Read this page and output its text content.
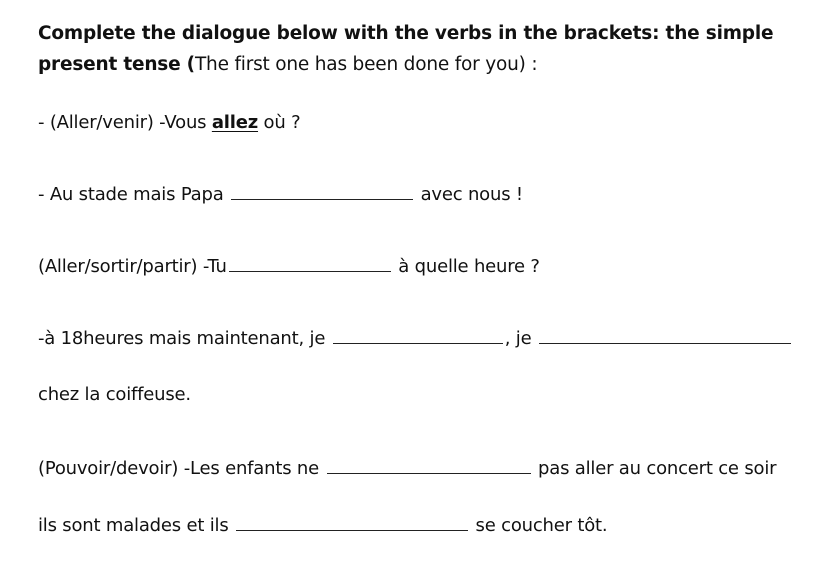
Complete the dialogue below with the verbs in the brackets: the simple
present tense (The first one has been done for you) :
- (Aller/venir) -Vous allez où ?
- Au stade mais Papa	avec nous !
(Aller/sortir/partir) -Tu	à quelle heure ?
-à 18heures mais maintenant, je	, je
chez la coiffeuse.
(Pouvoir/devoir) -Les enfants ne	pas aller au concert ce soir
ils sont malades et ils	se coucher tôt.
